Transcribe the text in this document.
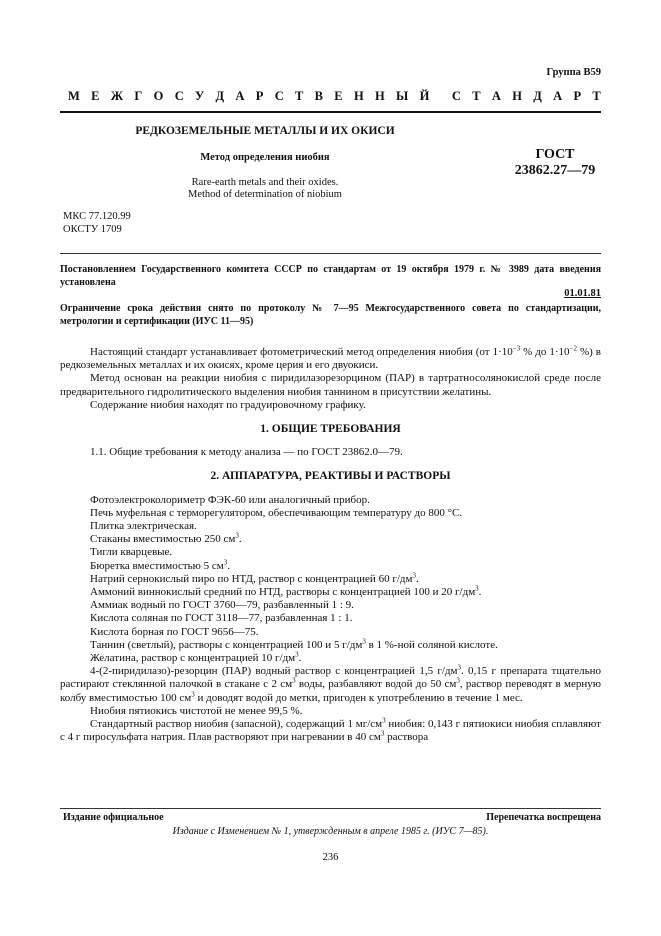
Группа В59
М Е Ж Г О С У Д А Р С Т В Е Н Н Ы Й С Т А Н Д А Р Т
РЕДКОЗЕМЕЛЬНЫЕ МЕТАЛЛЫ И ИХ ОКИСИ
Метод определения ниобия
Rare-earth metals and their oxides.
Method of determination of niobium
ГОСТ
23862.27—79
МКС 77.120.99
ОКСТУ 1709
Постановлением Государственного комитета СССР по стандартам от 19 октября 1979 г. № 3989 дата введения установлена
01.01.81
Ограничение срока действия снято по протоколу № 7—95 Межгосударственного совета по стандартизации, метрологии и сертификации (ИУС 11—95)

Настоящий стандарт устанавливает фотометрический метод определения ниобия (от $1\cdot 10^{-3}$ % до $1\cdot 10^{-2}$ %) в редкоземельных металлах и их окисях, кроме церия и его двуокиси.

Метод основан на реакции ниобия с пиридилазорезорцином (ПАР) в тартратносолянокислой среде после предварительного гидролитического выделения ниобия таннином в присутствии желатины.

Содержание ниобия находят по градуировочному графику.

1. ОБЩИЕ ТРЕБОВАНИЯ

1.1. Общие требования к методу анализа — по ГОСТ 23862.0—79.

2. АППАРАТУРА, РЕАКТИВЫ И РАСТВОРЫ

Фотоэлектроколориметр ФЭК-60 или аналогичный прибор.

Печь муфельная с терморегулятором, обеспечивающим температуру до 800 °С.

Плитка электрическая.

Стаканы вместимостью 250 $см^3$.

Тигли кварцевые.

Бюретка вместимостью 5 $см^3$.

Натрий сернокислый пиро по НТД, раствор с концентрацией 60 $г/дм^3$.

Аммоний виннокислый средний по НТД, растворы с концентрацией 100 и 20 $г/дм^3$.

Аммиак водный по ГОСТ 3760—79, разбавленный 1 : 9.

Кислота соляная по ГОСТ 3118—77, разбавленная 1 : 1.

Кислота борная по ГОСТ 9656—75.

Таннин (светлый), растворы с концентрацией 100 и 5 $г/дм^3$ в 1 %-ной соляной кислоте.

Желатина, раствор с концентрацией 10 $г/дм^3$.

4-(2-пиридилазо)-резорцин (ПАР) водный раствор с концентрацией 1,5 $г/дм^3$. 0,15 г препарата тщательно растирают стеклянной палочкой в стакане с 2 $см^3$ воды, разбавляют водой до 50 $см^3$, раствор переводят в мерную колбу вместимостью 100 $см^3$ и доводят водой до метки, пригоден к употреблению в течение 1 мес.

Ниобия пятиокись чистотой не менее 99,5 %.

Стандартный раствор ниобия (запасной), содержащий 1 $мг/см^3$ ниобия: 0,143 г пятиокиси ниобия сплавляют с 4 г пиросульфата натрия. Плав растворяют при нагревании в 40 $см^3$ раствора

Издание официальное	Перепечатка воспрещена
Издание с Изменением № 1, утвержденным в апреле 1985 г. (ИУС 7—85).
236
